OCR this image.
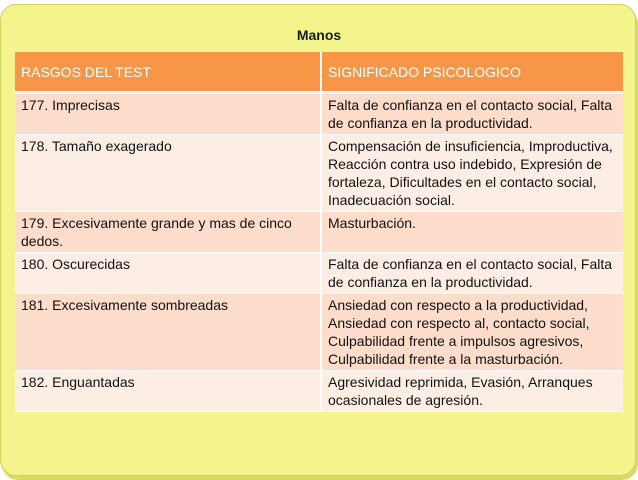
Manos
RASGOS DEL TEST	SIGNIFICADO PSICOLOGICO
177. Imprecisas	Falta de confianza en el contacto social, Falta de confianza en la productividad.
178. Tamaño exagerado	Compensación de insuficiencia, Improductiva, Reacción contra uso indebido, Expresión de fortaleza, Dificultades en el contacto social, Inadecuación social.
179. Excesivamente grande y mas de cinco dedos.	Masturbación.
180. Oscurecidas	Falta de confianza en el contacto social, Falta de confianza en la productividad.
181. Excesivamente sombreadas	Ansiedad con respecto a la productividad, Ansiedad con respecto al, contacto social, Culpabilidad frente a impulsos agresivos, Culpabilidad frente a la masturbación.
182. Enguantadas	Agresividad reprimida, Evasión, Arranques ocasionales de agresión.
